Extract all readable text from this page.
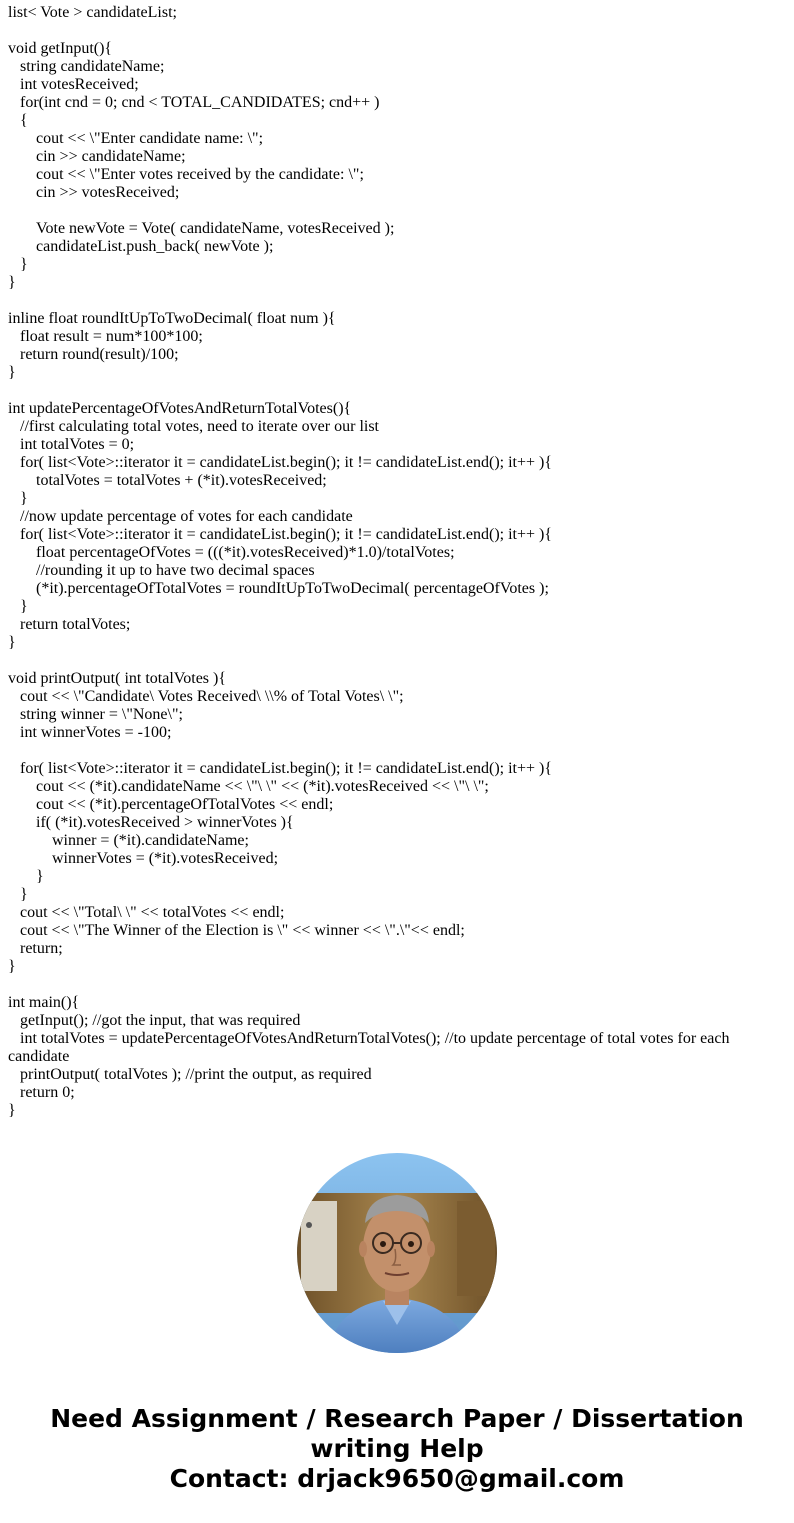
list< Vote > candidateList;
void getInput(){
string candidateName;
int votesReceived;
for(int cnd = 0; cnd < TOTAL_CANDIDATES; cnd++ )
{
cout << \"Enter candidate name: \";
cin >> candidateName;
cout << \"Enter votes received by the candidate: \";
cin >> votesReceived;
Vote newVote = Vote( candidateName, votesReceived );
candidateList.push_back( newVote );
}
}
inline float roundItUpToTwoDecimal( float num ){
float result = num*100*100;
return round(result)/100;
}
int updatePercentageOfVotesAndReturnTotalVotes(){
//first calculating total votes, need to iterate over our list
int totalVotes = 0;
for( list<Vote>::iterator it = candidateList.begin(); it != candidateList.end(); it++ ){
totalVotes = totalVotes + (*it).votesReceived;
}
//now update percentage of votes for each candidate
for( list<Vote>::iterator it = candidateList.begin(); it != candidateList.end(); it++ ){
float percentageOfVotes = (((*it).votesReceived)*1.0)/totalVotes;
//rounding it up to have two decimal spaces
(*it).percentageOfTotalVotes = roundItUpToTwoDecimal( percentageOfVotes );
}
return totalVotes;
}
void printOutput( int totalVotes ){
cout << \"Candidate\ Votes Received\ \\% of Total Votes\ \";
string winner = \"None\";
int winnerVotes = -100;
for( list<Vote>::iterator it = candidateList.begin(); it != candidateList.end(); it++ ){
cout << (*it).candidateName << \"\ \" << (*it).votesReceived << \"\ \";
cout << (*it).percentageOfTotalVotes << endl;
if( (*it).votesReceived > winnerVotes ){
winner = (*it).candidateName;
winnerVotes = (*it).votesReceived;
}
}
cout << \"Total\ \" << totalVotes << endl;
cout << \"The Winner of the Election is \" << winner << \".\"<< endl;
return;
}
int main(){
getInput(); //got the input, that was required
int totalVotes = updatePercentageOfVotesAndReturnTotalVotes(); //to update percentage of total votes for each candidate
printOutput( totalVotes ); //print the output, as required
return 0;
}
Need Assignment / Research Paper / Dissertation
writing Help
Contact: drjack9650@gmail.com
